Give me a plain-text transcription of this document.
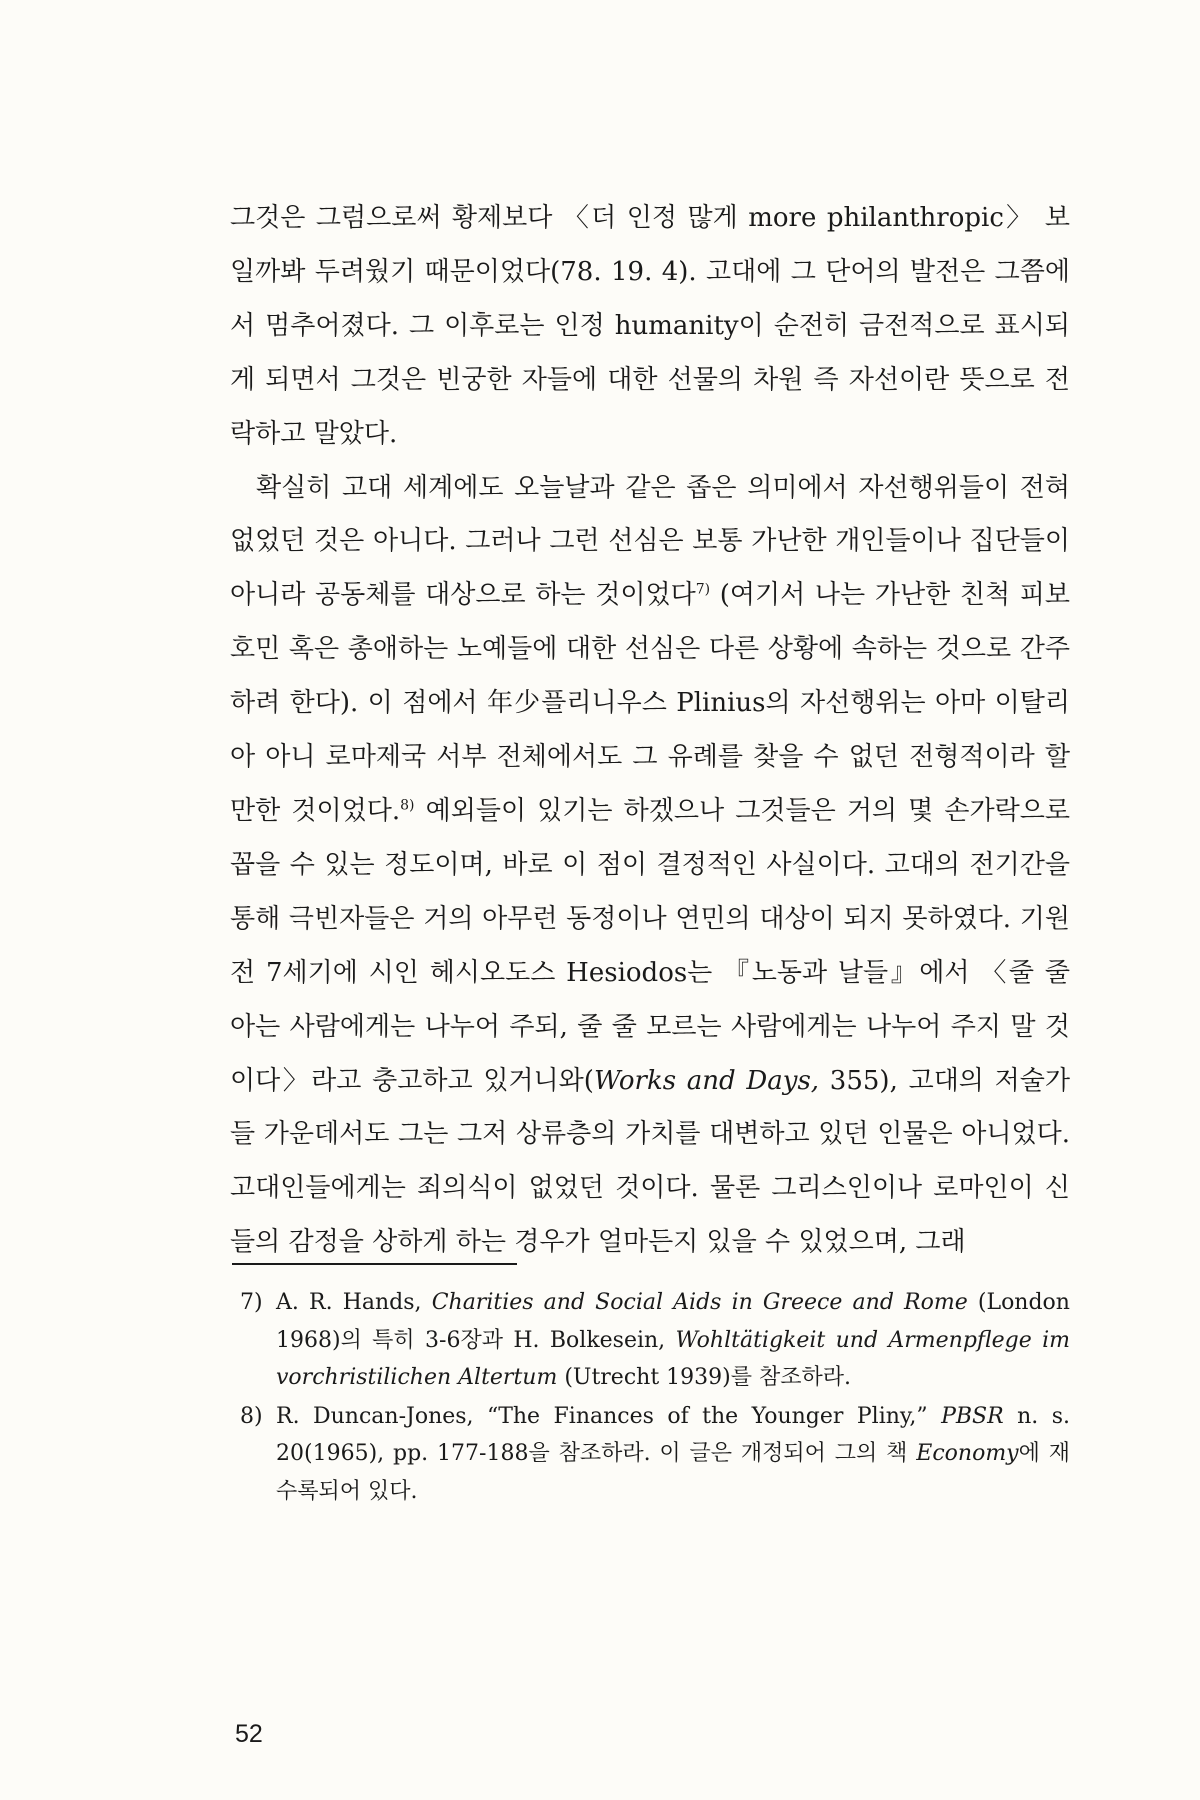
그것은 그럼으로써 황제보다 〈더 인정 많게 more philanthropic〉 보일까봐 두려웠기 때문이었다(78. 19. 4). 고대에 그 단어의 발전은 그쯤에서 멈추어졌다. 그 이후로는 인정 humanity이 순전히 금전적으로 표시되게 되면서 그것은 빈궁한 자들에 대한 선물의 차원 즉 자선이란 뜻으로 전락하고 말았다.

확실히 고대 세계에도 오늘날과 같은 좁은 의미에서 자선행위들이 전혀 없었던 것은 아니다. 그러나 그런 선심은 보통 가난한 개인들이나 집단들이 아니라 공동체를 대상으로 하는 것이었다$^{7)}$ (여기서 나는 가난한 친척 피보호민 혹은 총애하는 노예들에 대한 선심은 다른 상황에 속하는 것으로 간주하려 한다). 이 점에서 年少플리니우스 Plinius의 자선행위는 아마 이탈리아 아니 로마제국 서부 전체에서도 그 유례를 찾을 수 없던 전형적이라 할 만한 것이었다.$^{8)}$ 예외들이 있기는 하겠으나 그것들은 거의 몇 손가락으로 꼽을 수 있는 정도이며, 바로 이 점이 결정적인 사실이다. 고대의 전기간을 통해 극빈자들은 거의 아무런 동정이나 연민의 대상이 되지 못하였다. 기원전 7세기에 시인 헤시오도스 Hesiodos는 『노동과 날들』에서 〈줄 줄 아는 사람에게는 나누어 주되, 줄 줄 모르는 사람에게는 나누어 주지 말 것이다〉라고 충고하고 있거니와(Works and Days, 355), 고대의 저술가들 가운데서도 그는 그저 상류층의 가치를 대변하고 있던 인물은 아니었다. 고대인들에게는 죄의식이 없었던 것이다. 물론 그리스인이나 로마인이 신들의 감정을 상하게 하는 경우가 얼마든지 있을 수 있었으며, 그래

7) A. R. Hands, Charities and Social Aids in Greece and Rome (London 1968)의 특히 3-6장과 H. Bolkesein, Wohltätigkeit und Armenpflege im vorchristilichen Altertum (Utrecht 1939)를 참조하라.
8) R. Duncan-Jones, “The Finances of the Younger Pliny,” PBSR n. s. 20(1965), pp. 177-188을 참조하라. 이 글은 개정되어 그의 책 Economy에 재수록되어 있다.
52
